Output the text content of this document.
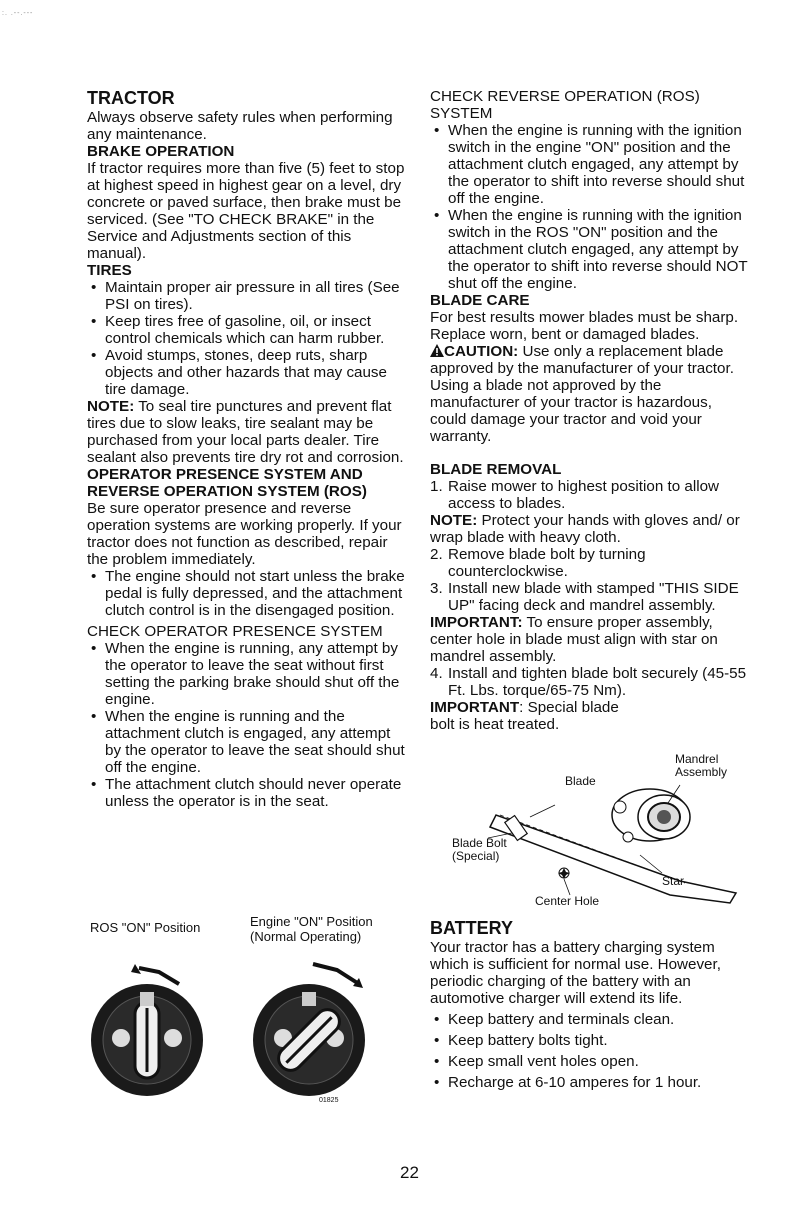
:. .--.---
TRACTOR

Always observe safety rules when performing any maintenance.

BRAKE OPERATION

If tractor requires more than five (5) feet to stop at highest speed in highest gear on a level, dry concrete or paved surface, then brake must be serviced. (See "TO CHECK BRAKE" in the Service and Adjustments section of this manual).

TIRES
• Maintain proper air pressure in all tires (See PSI on tires).
• Keep tires free of gasoline, oil, or insect control chemicals which can harm rubber.
• Avoid stumps, stones, deep ruts, sharp objects and other hazards that may cause tire damage.

NOTE: To seal tire punctures and prevent flat tires due to slow leaks, tire sealant may be purchased from your local parts dealer. Tire sealant also prevents tire dry rot and corrosion.

OPERATOR PRESENCE SYSTEM AND REVERSE OPERATION SYSTEM (ROS)

Be sure operator presence and reverse operation systems are working properly. If your tractor does not function as described, repair the problem immediately.

• The engine should not start unless the brake pedal is fully depressed, and the attachment clutch control is in the disengaged position.
CHECK OPERATOR PRESENCE SYSTEM
• When the engine is running, any attempt by the operator to leave the seat without first setting the parking brake should shut off the engine.
• When the engine is running and the attachment clutch is engaged, any attempt by the operator to leave the seat should shut off the engine.
• The attachment clutch should never operate unless the operator is in the seat.
ROS "ON" Position	Engine "ON" Position (Normal Operating)
01825
CHECK REVERSE OPERATION (ROS) SYSTEM
• When the engine is running with the ignition switch in the engine "ON" position and the attachment clutch engaged, any attempt by the operator to shift into reverse should shut off the engine.
• When the engine is running with the ignition switch in the ROS "ON" position and the attachment clutch engaged, any attempt by the operator to shift into reverse should NOT shut off the engine.
BLADE CARE

For best results mower blades must be sharp. Replace worn, bent or damaged blades.

CAUTION: Use only a replacement blade approved by the manufacturer of your tractor. Using a blade not approved by the manufacturer of your tractor is hazardous, could damage your tractor and void your warranty.

BLADE REMOVAL
1. Raise mower to highest position to allow access to blades.

NOTE: Protect your hands with gloves and/ or wrap blade with heavy cloth.

2. Remove blade bolt by turning counterclockwise.
3. Install new blade with stamped "THIS SIDE UP" facing deck and mandrel assembly.

IMPORTANT: To ensure proper assembly, center hole in blade must align with star on mandrel assembly.

4. Install and tighten blade bolt securely (45-55 Ft. Lbs. torque/65-75 Nm).

IMPORTANT: Special blade bolt is heat treated.

Mandrel Assembly
Blade
Blade Bolt (Special)
Center Hole
Star
BATTERY

Your tractor has a battery charging system which is sufficient for normal use. However, periodic charging of the battery with an automotive charger will extend its life.

• Keep battery and terminals clean.
• Keep battery bolts tight.
• Keep small vent holes open.
• Recharge at 6-10 amperes for 1 hour.
22
